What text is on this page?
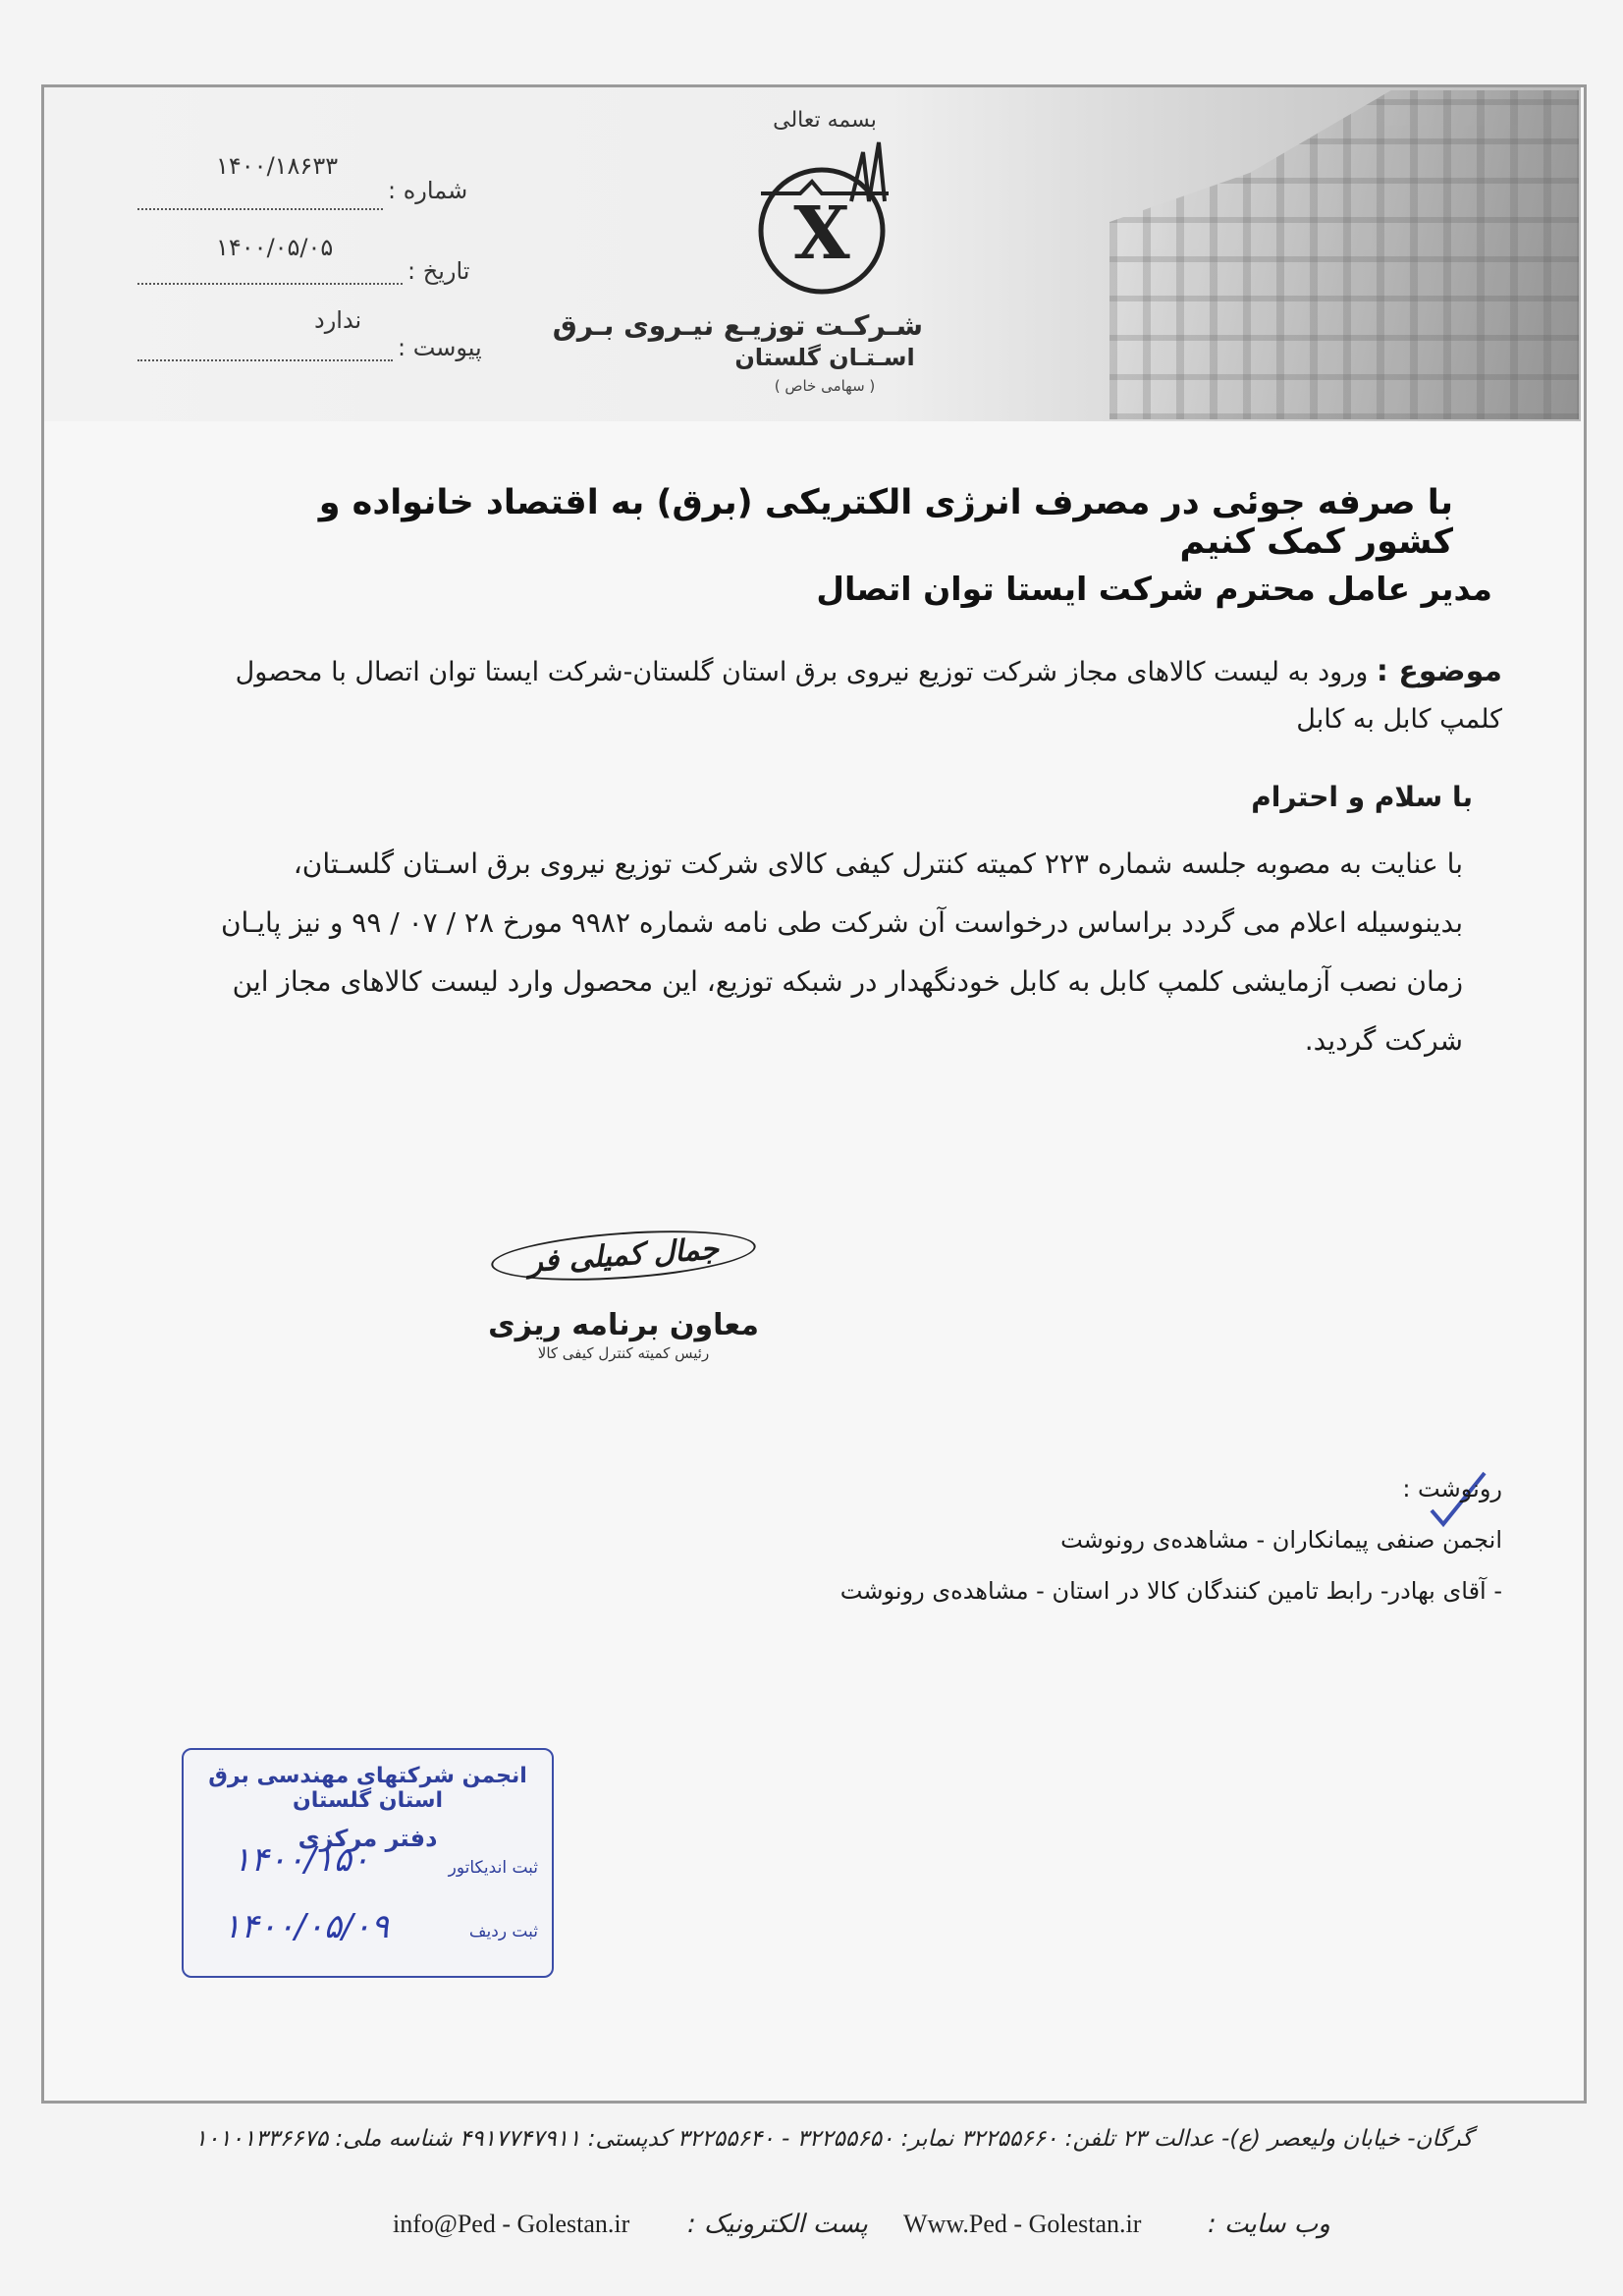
شماره :
۱۴۰۰/۱۸۶۳۳
تاریخ :
۱۴۰۰/۰۵/۰۵
پیوست :
ندارد
بسمه تعالی
X
شـرکـت توزیـع نیـروی بـرق
اسـتـان گلستان
( سهامی خاص )
با صرفه جوئی در مصرف انرژی الکتریکی (برق) به اقتصاد خانواده و کشور کمک کنیم
مدیر عامل محترم شرکت ایستا توان اتصال
موضوع : ورود به لیست کالاهای مجاز شرکت توزیع نیروی برق استان گلستان-شرکت ایستا توان اتصال با محصول کلمپ کابل به کابل
با سلام و احترام
با عنایت به مصوبه جلسه شماره ۲۲۳ کمیته کنترل کیفی کالای شرکت توزیع نیروی برق اسـتان گلسـتان، بدینوسیله اعلام می گردد براساس درخواست آن شرکت طی نامه شماره ۹۹۸۲ مورخ ۲۸ / ۰۷ / ۹۹ و نیز پایـان زمان نصب آزمایشی کلمپ کابل به کابل خودنگهدار در شبکه توزیع، این محصول وارد لیست کالاهای مجاز این شرکت گردید.
جمال کمیلی فر
معاون برنامه ریزی
رئیس کمیته کنترل کیفی کالا
رونوشت :
انجمن صنفی پیمانکاران - مشاهده‌ی رونوشت
- آقای بهادر- رابط تامین کنندگان کالا در استان - مشاهده‌ی رونوشت
انجمن شرکتهای مهندسی برق استان گلستان
دفتر مرکزی
ثبت اندیکاتور
۱۴۰۰/۱۵۰
ثبت ردیف
۱۴۰۰/۰۵/۰۹
گرگان- خیابان ولیعصر (ع)- عدالت ۲۳ تلفن: ۳۲۲۵۵۶۶۰ نمابر: ۳۲۲۵۵۶۵۰ - ۳۲۲۵۵۶۴۰ کدپستی: ۴۹۱۷۷۴۷۹۱۱ شناسه ملی: ۱۰۱۰۱۳۳۶۶۷۵
info@Ped - Golestan.ir پست الکترونیک : Www.Ped - Golestan.ir	وب سایت :
